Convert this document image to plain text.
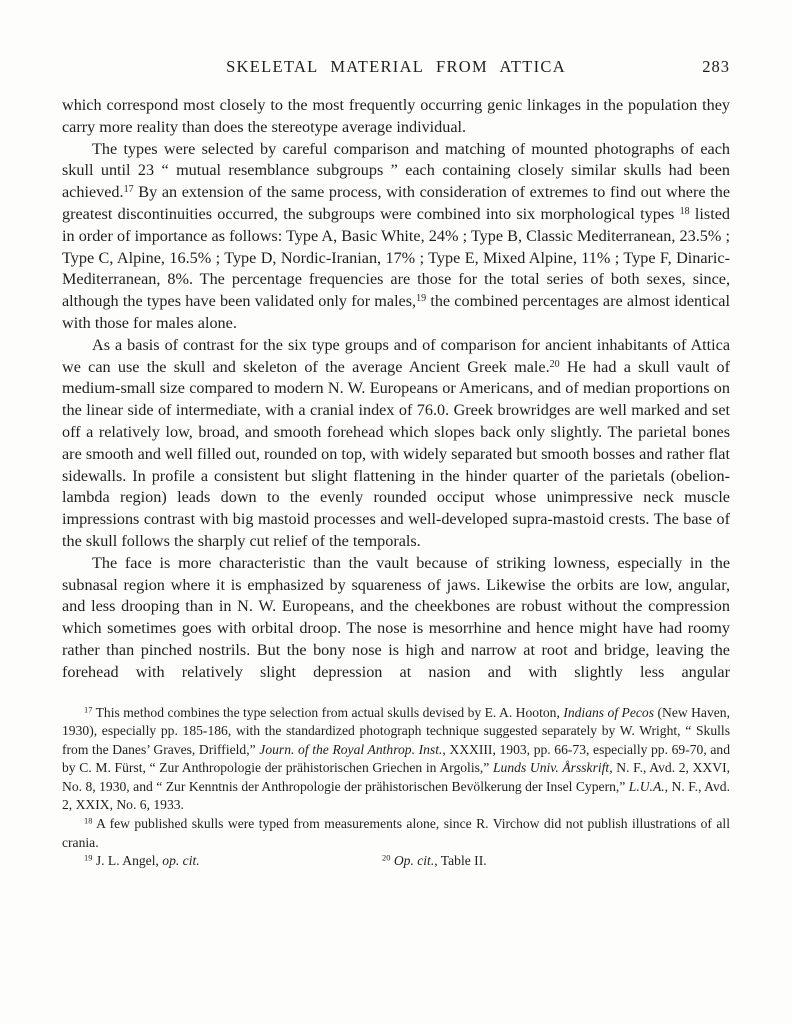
SKELETAL MATERIAL FROM ATTICA	283

which correspond most closely to the most frequently occurring genic linkages in the population they carry more reality than does the stereotype average individual.

The types were selected by careful comparison and matching of mounted photographs of each skull until 23 “ mutual resemblance subgroups ” each containing closely similar skulls had been achieved.$^{17}$ By an extension of the same process, with consideration of extremes to find out where the greatest discontinuities occurred, the subgroups were combined into six morphological types $^{18}$ listed in order of importance as follows: Type A, Basic White, 24% ; Type B, Classic Mediterranean, 23.5% ; Type C, Alpine, 16.5% ; Type D, Nordic-Iranian, 17% ; Type E, Mixed Alpine, 11% ; Type F, Dinaric-Mediterranean, 8%. The percentage frequencies are those for the total series of both sexes, since, although the types have been validated only for males,$^{19}$ the combined percentages are almost identical with those for males alone.

As a basis of contrast for the six type groups and of comparison for ancient inhabitants of Attica we can use the skull and skeleton of the average Ancient Greek male.$^{20}$ He had a skull vault of medium-small size compared to modern N. W. Europeans or Americans, and of median proportions on the linear side of intermediate, with a cranial index of 76.0. Greek browridges are well marked and set off a relatively low, broad, and smooth forehead which slopes back only slightly. The parietal bones are smooth and well filled out, rounded on top, with widely separated but smooth bosses and rather flat sidewalls. In profile a consistent but slight flattening in the hinder quarter of the parietals (obelion-lambda region) leads down to the evenly rounded occiput whose unimpressive neck muscle impressions contrast with big mastoid processes and well-developed supra-mastoid crests. The base of the skull follows the sharply cut relief of the temporals.

The face is more characteristic than the vault because of striking lowness, especially in the subnasal region where it is emphasized by squareness of jaws. Likewise the orbits are low, angular, and less drooping than in N. W. Europeans, and the cheekbones are robust without the compression which sometimes goes with orbital droop. The nose is mesorrhine and hence might have had roomy rather than pinched nostrils. But the bony nose is high and narrow at root and bridge, leaving the forehead with relatively slight depression at nasion and with slightly less angular

$^{17}$ This method combines the type selection from actual skulls devised by E. A. Hooton, Indians of Pecos (New Haven, 1930), especially pp. 185-186, with the standardized photograph technique suggested separately by W. Wright, “ Skulls from the Danes’ Graves, Driffield,” Journ. of the Royal Anthrop. Inst., XXXIII, 1903, pp. 66-73, especially pp. 69-70, and by C. M. Fürst, “ Zur Anthropologie der prähistorischen Griechen in Argolis,” Lunds Univ. Årsskrift, N. F., Avd. 2, XXVI, No. 8, 1930, and “ Zur Kenntnis der Anthropologie der prähistorischen Bevölkerung der Insel Cypern,” L.U.A., N. F., Avd. 2, XXIX, No. 6, 1933.

$^{18}$ A few published skulls were typed from measurements alone, since R. Virchow did not publish illustrations of all crania.

$^{19}$ J. L. Angel, op. cit.	$^{20}$ Op. cit., Table II.
